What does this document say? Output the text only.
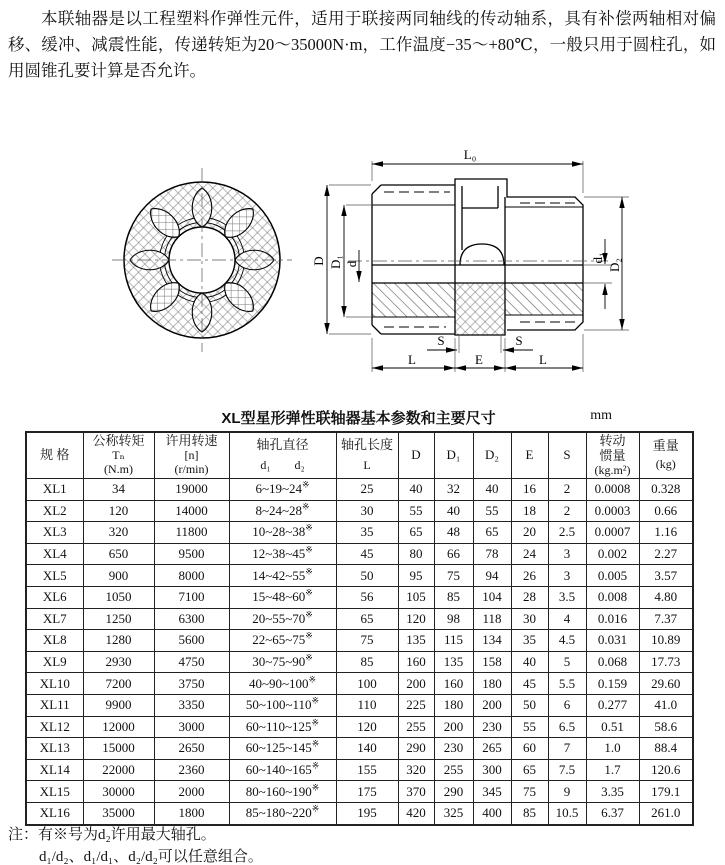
本联轴器是以工程塑料作弹性元件，适用于联接两同轴线的传动轴系，具有补偿两轴相对偏移、缓冲、减震性能，传递转矩为20～35000N·m，工作温度−35～+80℃，一般只用于圆柱孔，如用圆锥孔要计算是否允许。

L₀
D D₁ d
d₁
D₂
S	S
L	E	L
XL型星形弹性联轴器基本参数和主要尺寸	mm
规 格	公称转矩
Tₙ
(N.m)	许用转速
[n]
(r/min)	轴孔直径
d₁　　d₂	轴孔长度
L	D	D₁	D₂	E	S	转动
惯量
(kg.m²)	重量
(kg)

XL1	34	19000	6~19~24※	25	40	32	40	16	2	0.0008	0.328
XL2	120	14000	8~24~28※	30	55	40	55	18	2	0.0003	0.66
XL3	320	11800	10~28~38※	35	65	48	65	20	2.5	0.0007	1.16
XL4	650	9500	12~38~45※	45	80	66	78	24	3	0.002	2.27
XL5	900	8000	14~42~55※	50	95	75	94	26	3	0.005	3.57
XL6	1050	7100	15~48~60※	56	105	85	104	28	3.5	0.008	4.80
XL7	1250	6300	20~55~70※	65	120	98	118	30	4	0.016	7.37
XL8	1280	5600	22~65~75※	75	135	115	134	35	4.5	0.031	10.89
XL9	2930	4750	30~75~90※	85	160	135	158	40	5	0.068	17.73
XL10	7200	3750	40~90~100※	100	200	160	180	45	5.5	0.159	29.60
XL11	9900	3350	50~100~110※	110	225	180	200	50	6	0.277	41.0
XL12	12000	3000	60~110~125※	120	255	200	230	55	6.5	0.51	58.6
XL13	15000	2650	60~125~145※	140	290	230	265	60	7	1.0	88.4
XL14	22000	2360	60~140~165※	155	320	255	300	65	7.5	1.7	120.6
XL15	30000	2000	80~160~190※	175	370	290	345	75	9	3.35	179.1
XL16	35000	1800	85~180~220※	195	420	325	400	85	10.5	6.37	261.0

注：有※号为d₂许用最大轴孔。

d₁/d₂、d₁/d₁、d₂/d₂可以任意组合。
